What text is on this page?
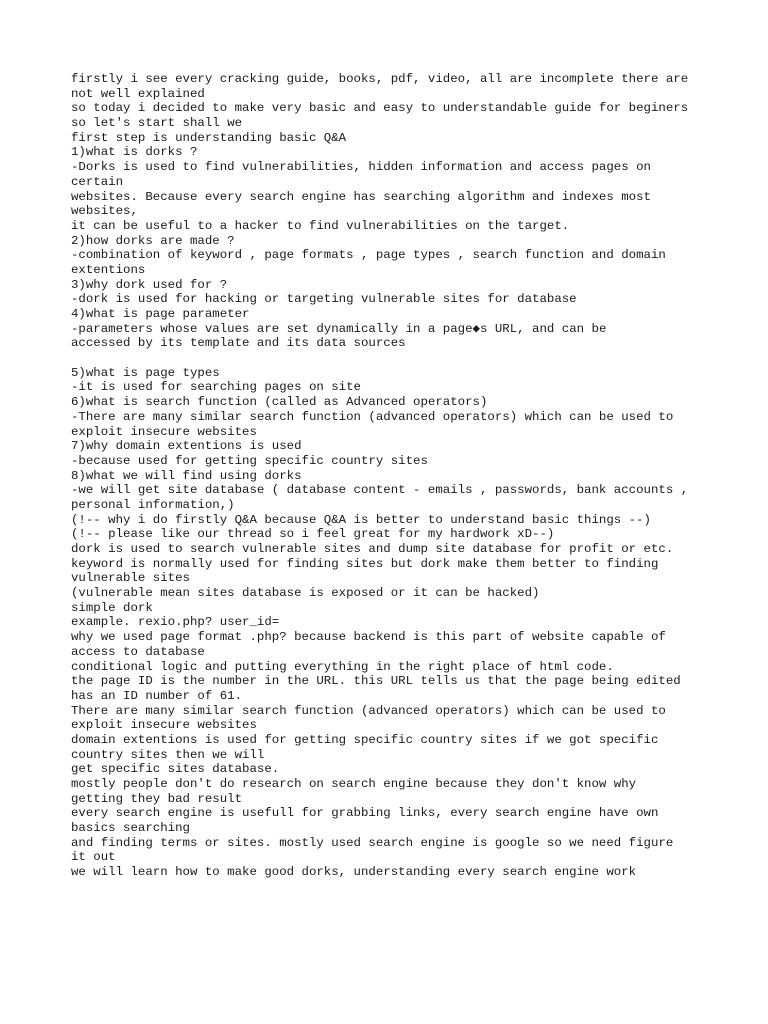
firstly i see every cracking guide, books, pdf, video, all are incomplete there are
not well explained
so today i decided to make very basic and easy to understandable guide for beginers
so let's start shall we
first step is understanding basic Q&A
1)what is dorks ?
-Dorks is used to find vulnerabilities, hidden information and access pages on
certain
websites. Because every search engine has searching algorithm and indexes most
websites,
it can be useful to a hacker to find vulnerabilities on the target.
2)how dorks are made ?
-combination of keyword , page formats , page types , search function and domain
extentions
3)why dork used for ?
-dork is used for hacking or targeting vulnerable sites for database
4)what is page parameter
-parameters whose values are set dynamically in a page◆s URL, and can be
accessed by its template and its data sources
5)what is page types
-it is used for searching pages on site
6)what is search function (called as Advanced operators)
-There are many similar search function (advanced operators) which can be used to
exploit insecure websites
7)why domain extentions is used
-because used for getting specific country sites
8)what we will find using dorks
-we will get site database ( database content - emails , passwords, bank accounts ,
personal information,)
(!-- why i do firstly Q&A because Q&A is better to understand basic things --)
(!-- please like our thread so i feel great for my hardwork xD--)
dork is used to search vulnerable sites and dump site database for profit or etc.
keyword is normally used for finding sites but dork make them better to finding
vulnerable sites
(vulnerable mean sites database is exposed or it can be hacked)
simple dork
example. rexio.php? user_id=
why we used page format .php? because backend is this part of website capable of
access to database
conditional logic and putting everything in the right place of html code.
the page ID is the number in the URL. this URL tells us that the page being edited
has an ID number of 61.
There are many similar search function (advanced operators) which can be used to
exploit insecure websites
domain extentions is used for getting specific country sites if we got specific
country sites then we will
get specific sites database.
mostly people don't do research on search engine because they don't know why
getting they bad result
every search engine is usefull for grabbing links, every search engine have own
basics searching
and finding terms or sites. mostly used search engine is google so we need figure
it out
we will learn how to make good dorks, understanding every search engine work
